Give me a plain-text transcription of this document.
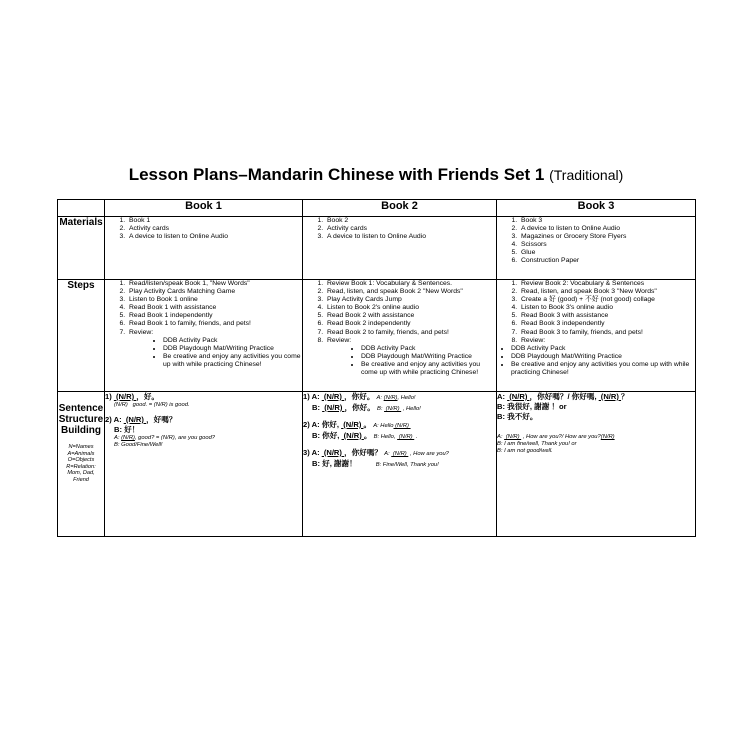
Lesson Plans–Mandarin Chinese with Friends Set 1 (Traditional)
	Book 1	Book 2	Book 3
Materials	
1.Book 1
2. Activity cards
3. A device to listen to Online Audio

1. Book 2
2. Activity cards
3. A device to listen to Online Audio

1. Book 3
2. A device to listen to Online Audio
3. Magazines or Grocery Store Flyers
4. Scissors
5. Glue
6. Construction Paper

Steps	
1.Read/listen/speak Book 1, "New Words"
2. Play Activity Cards Matching Game
3. Listen to Book 1 online
4. Read Book 1 with assistance
5. Read Book 1 independently
6. Read Book 1 to family, friends, and pets!
7. Review:
• DDB Activity Pack
• DDB Playdough Mat/Writing Practice
• Be creative and enjoy any activities you come up with while practicing Chinese!

1. Review Book 1: Vocabulary & Sentences.
2. Read, listen, and speak Book 2 "New Words"
3. Play Activity Cards Jump
4. Listen to Book 2's online audio
5. Read Book 2 with assistance
6. Read Book 2 independently
7. Read Book 2 to family, friends, and pets!
8. Review:
• DDB Activity Pack
• DDB Playdough Mat/Writing Practice
• Be creative and enjoy any activities you come up with while practicing Chinese!

1. Review Book 2: Vocabulary & Sentences
2. Read, listen, and speak Book 3 "New Words"
3. Create a 好 (good) + 不好 (not good) collage
4. Listen to Book 3's online audio
5. Read Book 3 with assistance
6. Read Book 3 independently
7. Read Book 3 to family, friends, and pets!
8. Review:
• DDB Activity Pack
• DDB Playdough Mat/Writing Practice
• Be creative and enjoy any activities you come up with while practicing Chinese!

Sentence Structure Building
N=Names
A=Animals
O=Objects
R=Relation:
Mom, Dad,
Friend

1)  (N/R) ，好。
(N/R)   good. = (N/R) is good.
2) A:  (N/R) ，好嗎？
B: 好！
A: (N/R), good? = (N/R), are you good?
B: Good/Fine/Well!

1) A:  (N/R) ，你好。 A: (N/R), Hello!
B:  (N/R) ，你好。 B:  (N/R)  , Hello!
2) A: 你好,  (N/R) 。 A: Hello (N/R)
B: 你好,  (N/R) 。 B: Hello,  (N/R)  .
3) A:  (N/R) ，你好嗎？ A:  (N/R)  , How are you?
B: 好, 謝謝！	B: Fine/Well, Thank you!

A:  (N/R) ，你好嗎？/ 你好嗎,  (N/R) ？
B: 我很好, 謝謝 ！or
B: 我不好。
A:  (N/R)  , How are you?/ How are you?(N/R)
B: I am fine/well, Thank you! or
B: I am not good/well.
